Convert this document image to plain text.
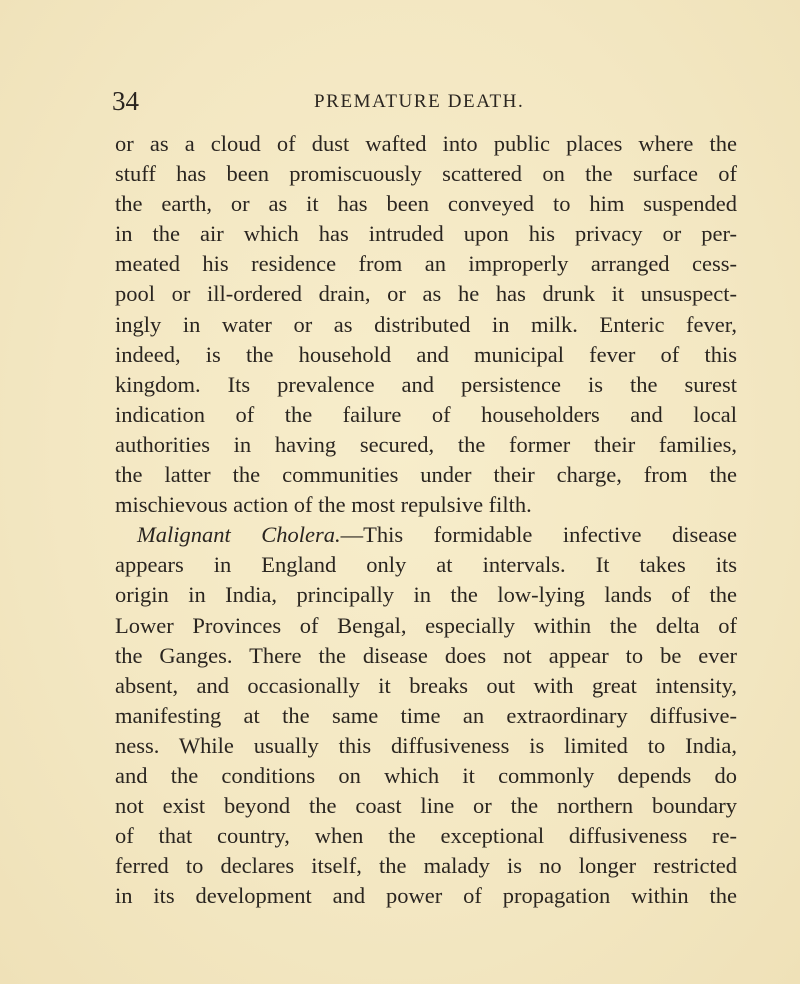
34	PREMATURE DEATH.
or as a cloud of dust wafted into public places where the
stuff has been promiscuously scattered on the surface of
the earth, or as it has been conveyed to him suspended
in the air which has intruded upon his privacy or per-
meated his residence from an improperly arranged cess-
pool or ill-ordered drain, or as he has drunk it unsuspect-
ingly in water or as distributed in milk. Enteric fever,
indeed, is the household and municipal fever of this
kingdom. Its prevalence and persistence is the surest
indication of the failure of householders and local
authorities in having secured, the former their families,
the latter the communities under their charge, from the
mischievous action of the most repulsive filth.
Malignant Cholera.—This formidable infective disease
appears in England only at intervals. It takes its
origin in India, principally in the low-lying lands of the
Lower Provinces of Bengal, especially within the delta of
the Ganges. There the disease does not appear to be ever
absent, and occasionally it breaks out with great intensity,
manifesting at the same time an extraordinary diffusive-
ness. While usually this diffusiveness is limited to India,
and the conditions on which it commonly depends do
not exist beyond the coast line or the northern boundary
of that country, when the exceptional diffusiveness re-
ferred to declares itself, the malady is no longer restricted
in its development and power of propagation within the
